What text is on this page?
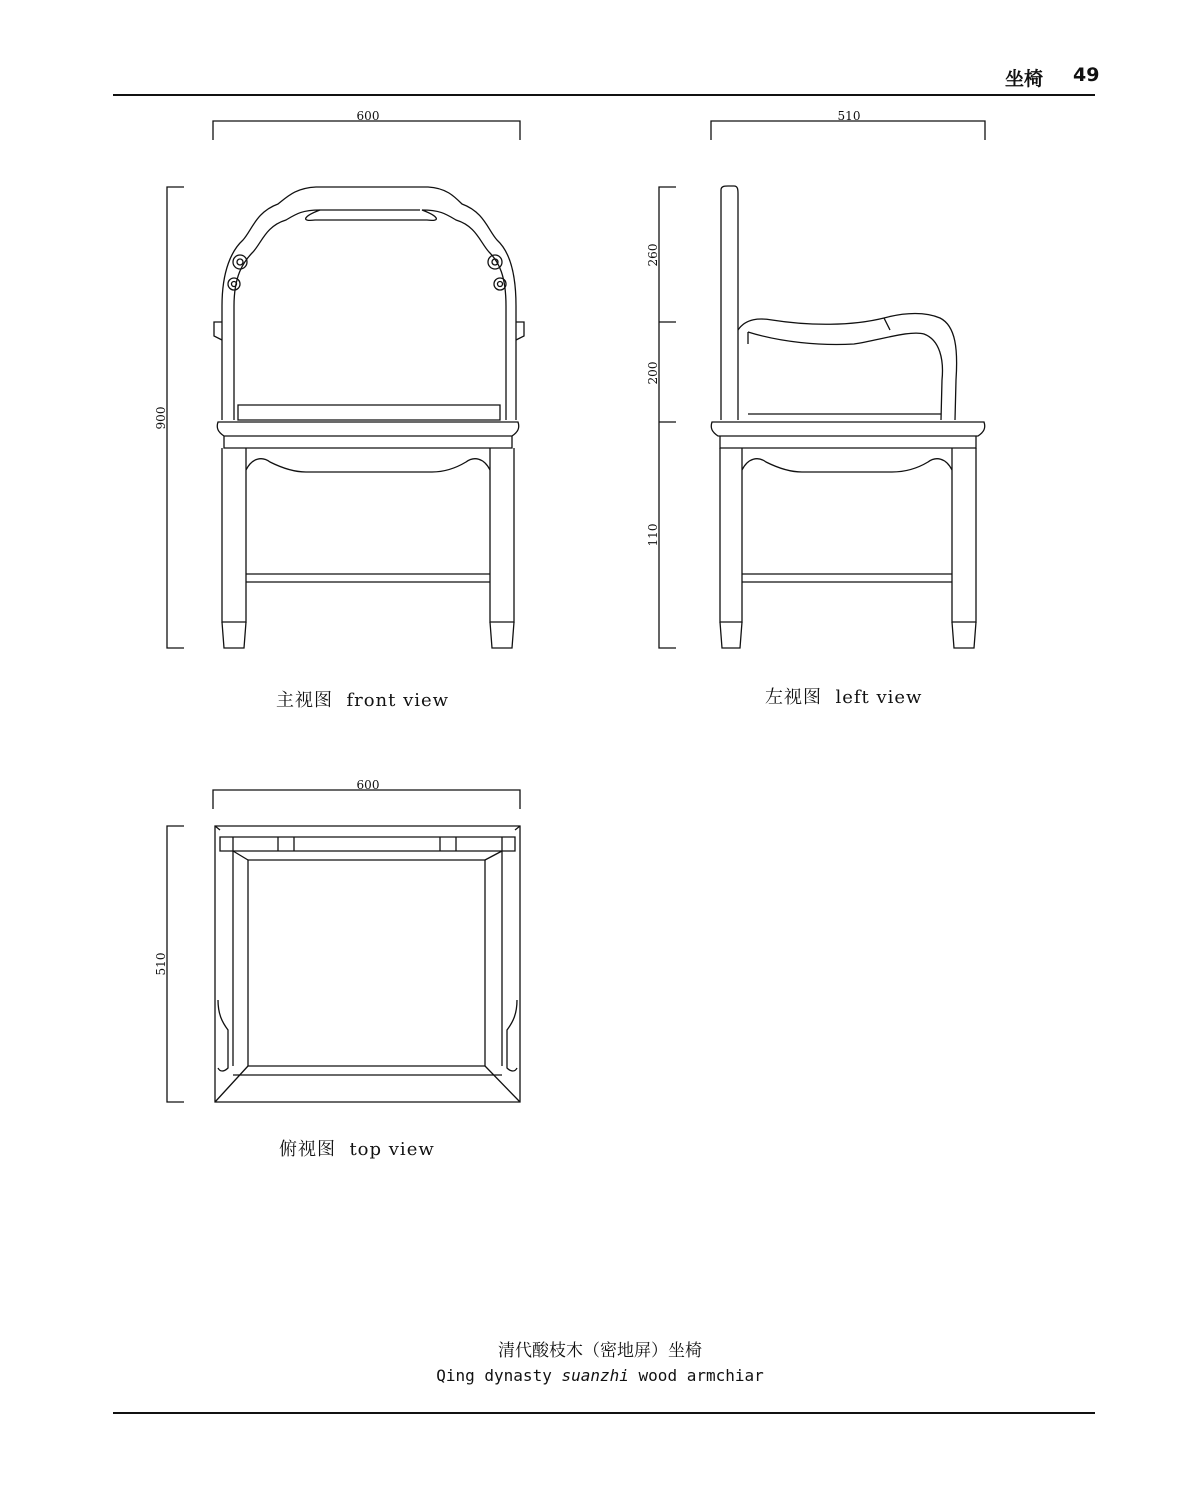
坐椅 49
600
900
510
260
200
110
600
510
主视图 front view	左视图 left view
俯视图 top view
清代酸枝木（密地屏）坐椅
Qing dynasty suanzhi wood armchiar
